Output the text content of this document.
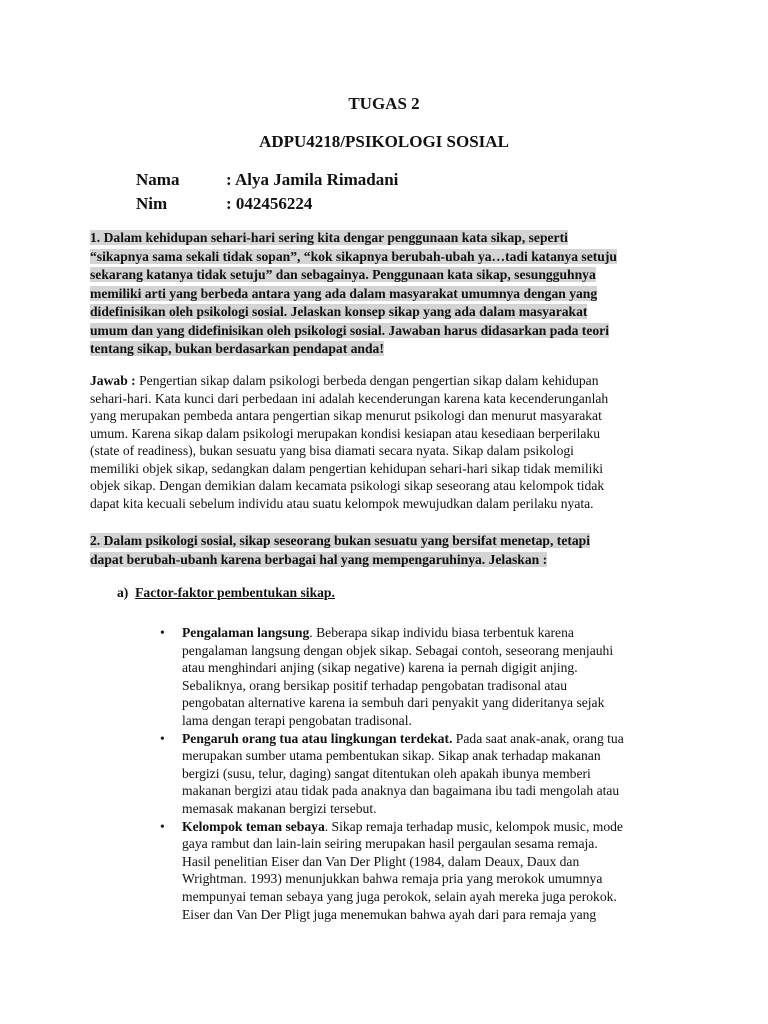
TUGAS 2
ADPU4218/PSIKOLOGI SOSIAL
Nama	: Alya Jamila Rimadani
Nim	: 042456224
1. Dalam kehidupan sehari-hari sering kita dengar penggunaan kata sikap, seperti
“sikapnya sama sekali tidak sopan”, “kok sikapnya berubah-ubah ya…tadi katanya setuju
sekarang katanya tidak setuju” dan sebagainya. Penggunaan kata sikap, sesungguhnya
memiliki arti yang berbeda antara yang ada dalam masyarakat umumnya dengan yang
didefinisikan oleh psikologi sosial. Jelaskan konsep sikap yang ada dalam masyarakat
umum dan yang didefinisikan oleh psikologi sosial. Jawaban harus didasarkan pada teori
tentang sikap, bukan berdasarkan pendapat anda!
Jawab : Pengertian sikap dalam psikologi berbeda dengan pengertian sikap dalam kehidupan
sehari-hari. Kata kunci dari perbedaan ini adalah kecenderungan karena kata kecenderunganlah
yang merupakan pembeda antara pengertian sikap menurut psikologi dan menurut masyarakat
umum. Karena sikap dalam psikologi merupakan kondisi kesiapan atau kesediaan berperilaku
(state of readiness), bukan sesuatu yang bisa diamati secara nyata. Sikap dalam psikologi
memiliki objek sikap, sedangkan dalam pengertian kehidupan sehari-hari sikap tidak memiliki
objek sikap. Dengan demikian dalam kecamata psikologi sikap seseorang atau kelompok tidak
dapat kita kecuali sebelum individu atau suatu kelompok mewujudkan dalam perilaku nyata.
2. Dalam psikologi sosial, sikap seseorang bukan sesuatu yang bersifat menetap, tetapi
dapat berubah-ubanh karena berbagai hal yang mempengaruhinya. Jelaskan :
a) Factor-faktor pembentukan sikap.
• Pengalaman langsung. Beberapa sikap individu biasa terbentuk karena
pengalaman langsung dengan objek sikap. Sebagai contoh, seseorang menjauhi
atau menghindari anjing (sikap negative) karena ia pernah digigit anjing.
Sebaliknya, orang bersikap positif terhadap pengobatan tradisonal atau
pengobatan alternative karena ia sembuh dari penyakit yang dideritanya sejak
lama dengan terapi pengobatan tradisonal.
• Pengaruh orang tua atau lingkungan terdekat. Pada saat anak-anak, orang tua
merupakan sumber utama pembentukan sikap. Sikap anak terhadap makanan
bergizi (susu, telur, daging) sangat ditentukan oleh apakah ibunya memberi
makanan bergizi atau tidak pada anaknya dan bagaimana ibu tadi mengolah atau
memasak makanan bergizi tersebut.
• Kelompok teman sebaya. Sikap remaja terhadap music, kelompok music, mode
gaya rambut dan lain-lain seiring merupakan hasil pergaulan sesama remaja.
Hasil penelitian Eiser dan Van Der Plight (1984, dalam Deaux, Daux dan
Wrightman. 1993) menunjukkan bahwa remaja pria yang merokok umumnya
mempunyai teman sebaya yang juga perokok, selain ayah mereka juga perokok.
Eiser dan Van Der Pligt juga menemukan bahwa ayah dari para remaja yang
